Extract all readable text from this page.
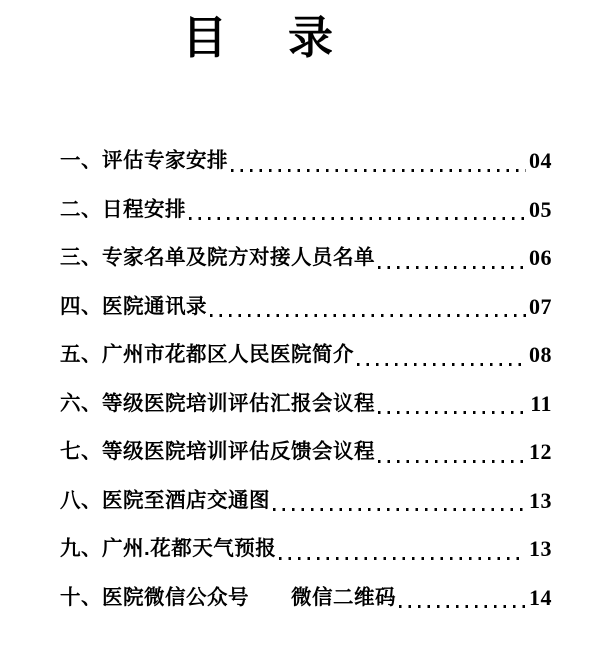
目　录
一、评估专家安排	04
二、日程安排	05
三、专家名单及院方对接人员名单	06
四、医院通讯录	07
五、广州市花都区人民医院简介	08
六、等级医院培训评估汇报会议程	11
七、等级医院培训评估反馈会议程	12
八、医院至酒店交通图	13
九、广州.花都天气预报	13
十、医院微信公众号　　微信二维码	14
